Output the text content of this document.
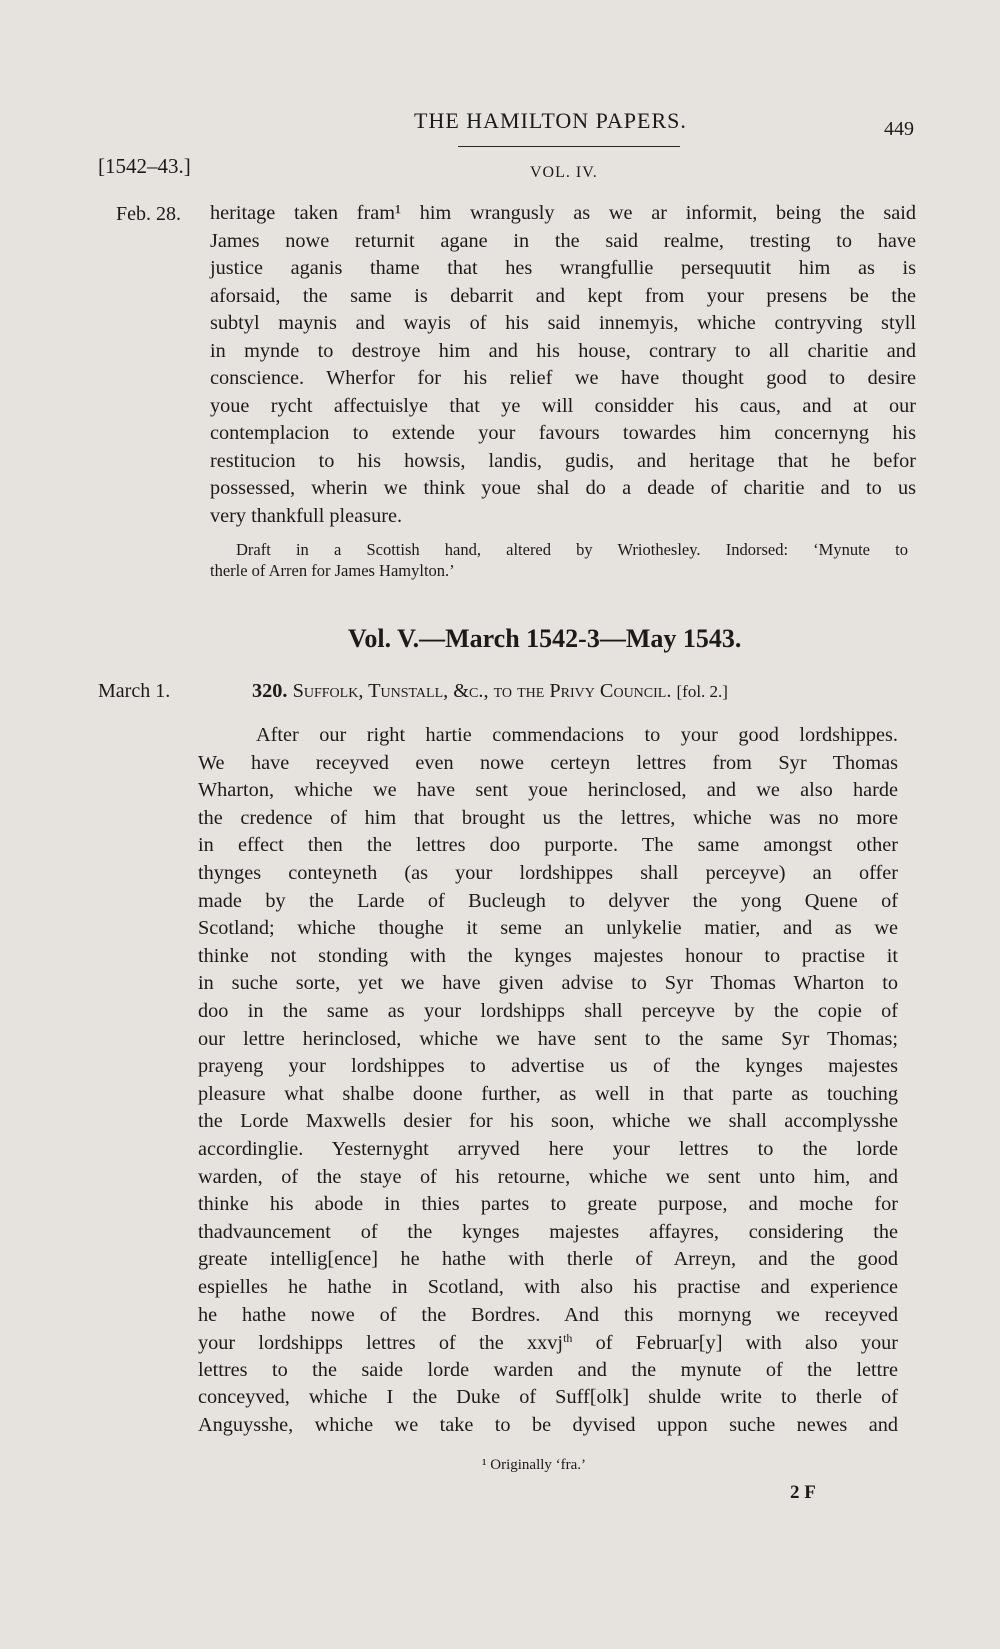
THE HAMILTON PAPERS.	449
[1542–43.]	VOL. IV.
Feb. 28. heritage taken fram¹ him wrangusly as we ar informit, being the said
James nowe returnit agane in the said realme, tresting to have
justice aganis thame that hes wrangfullie persequutit him as is
aforsaid, the same is debarrit and kept from your presens be the
subtyl maynis and wayis of his said innemyis, whiche contryving styll
in mynde to destroye him and his house, contrary to all charitie and
conscience. Wherfor for his relief we have thought good to desire
youe rycht affectuislye that ye will considder his caus, and at our
contemplacion to extende your favours towardes him concernyng his
restitucion to his howsis, landis, gudis, and heritage that he befor
possessed, wherin we think youe shal do a deade of charitie and to us
very thankfull pleasure.
Draft in a Scottish hand, altered by Wriothesley. Indorsed: ‘Mynute to
therle of Arren for James Hamylton.’
Vol. V.—March 1542-3—May 1543.
March 1.	320. Suffolk, Tunstall, &c., to the Privy Council. [fol. 2.]
After our right hartie commendacions to your good lordshippes.
We have receyved even nowe certeyn lettres from Syr Thomas
Wharton, whiche we have sent youe herinclosed, and we also harde
the credence of him that brought us the lettres, whiche was no more
in effect then the lettres doo purporte. The same amongst other
thynges conteyneth (as your lordshippes shall perceyve) an offer
made by the Larde of Bucleugh to delyver the yong Quene of
Scotland; whiche thoughe it seme an unlykelie matier, and as we
thinke not stonding with the kynges majestes honour to practise it
in suche sorte, yet we have given advise to Syr Thomas Wharton to
doo in the same as your lordshipps shall perceyve by the copie of
our lettre herinclosed, whiche we have sent to the same Syr Thomas;
prayeng your lordshippes to advertise us of the kynges majestes
pleasure what shalbe doone further, as well in that parte as touching
the Lorde Maxwells desier for his soon, whiche we shall accomplysshe
accordinglie. Yesternyght arryved here your lettres to the lorde
warden, of the staye of his retourne, whiche we sent unto him, and
thinke his abode in thies partes to greate purpose, and moche for
thadvauncement of the kynges majestes affayres, considering the
greate intellig[ence] he hathe with therle of Arreyn, and the good
espielles he hathe in Scotland, with also his practise and experience
he hathe nowe of the Bordres. And this mornyng we receyved
your lordshipps lettres of the xxvj$^{th}$ of Februar[y] with also your
lettres to the saide lorde warden and the mynute of the lettre
conceyved, whiche I the Duke of Suff[olk] shulde write to therle of
Anguysshe, whiche we take to be dyvised uppon suche newes and
¹ Originally ‘fra.’
2 F
